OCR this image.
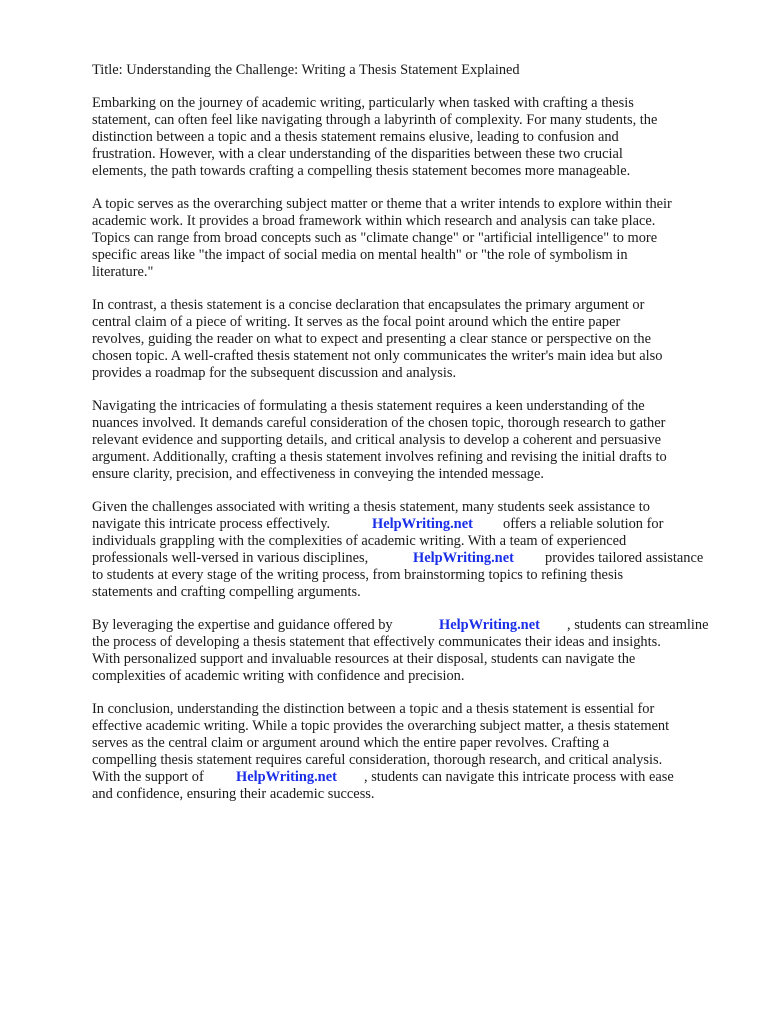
Title: Understanding the Challenge: Writing a Thesis Statement Explained
Embarking on the journey of academic writing, particularly when tasked with crafting a thesis
statement, can often feel like navigating through a labyrinth of complexity. For many students, the
distinction between a topic and a thesis statement remains elusive, leading to confusion and
frustration. However, with a clear understanding of the disparities between these two crucial
elements, the path towards crafting a compelling thesis statement becomes more manageable.
A topic serves as the overarching subject matter or theme that a writer intends to explore within their
academic work. It provides a broad framework within which research and analysis can take place.
Topics can range from broad concepts such as "climate change" or "artificial intelligence" to more
specific areas like "the impact of social media on mental health" or "the role of symbolism in
literature."
In contrast, a thesis statement is a concise declaration that encapsulates the primary argument or
central claim of a piece of writing. It serves as the focal point around which the entire paper
revolves, guiding the reader on what to expect and presenting a clear stance or perspective on the
chosen topic. A well-crafted thesis statement not only communicates the writer's main idea but also
provides a roadmap for the subsequent discussion and analysis.
Navigating the intricacies of formulating a thesis statement requires a keen understanding of the
nuances involved. It demands careful consideration of the chosen topic, thorough research to gather
relevant evidence and supporting details, and critical analysis to develop a coherent and persuasive
argument. Additionally, crafting a thesis statement involves refining and revising the initial drafts to
ensure clarity, precision, and effectiveness in conveying the intended message.
Given the challenges associated with writing a thesis statement, many students seek assistance to
navigate this intricate process effectively.	HelpWriting.net offers a reliable solution for
individuals grappling with the complexities of academic writing. With a team of experienced
professionals well-versed in various disciplines,	HelpWriting.net provides tailored assistance
to students at every stage of the writing process, from brainstorming topics to refining thesis
statements and crafting compelling arguments.
By leveraging the expertise and guidance offered by	HelpWriting.net , students can streamline
the process of developing a thesis statement that effectively communicates their ideas and insights.
With personalized support and invaluable resources at their disposal, students can navigate the
complexities of academic writing with confidence and precision.
In conclusion, understanding the distinction between a topic and a thesis statement is essential for
effective academic writing. While a topic provides the overarching subject matter, a thesis statement
serves as the central claim or argument around which the entire paper revolves. Crafting a
compelling thesis statement requires careful consideration, thorough research, and critical analysis.
With the support of HelpWriting.net , students can navigate this intricate process with ease
and confidence, ensuring their academic success.
